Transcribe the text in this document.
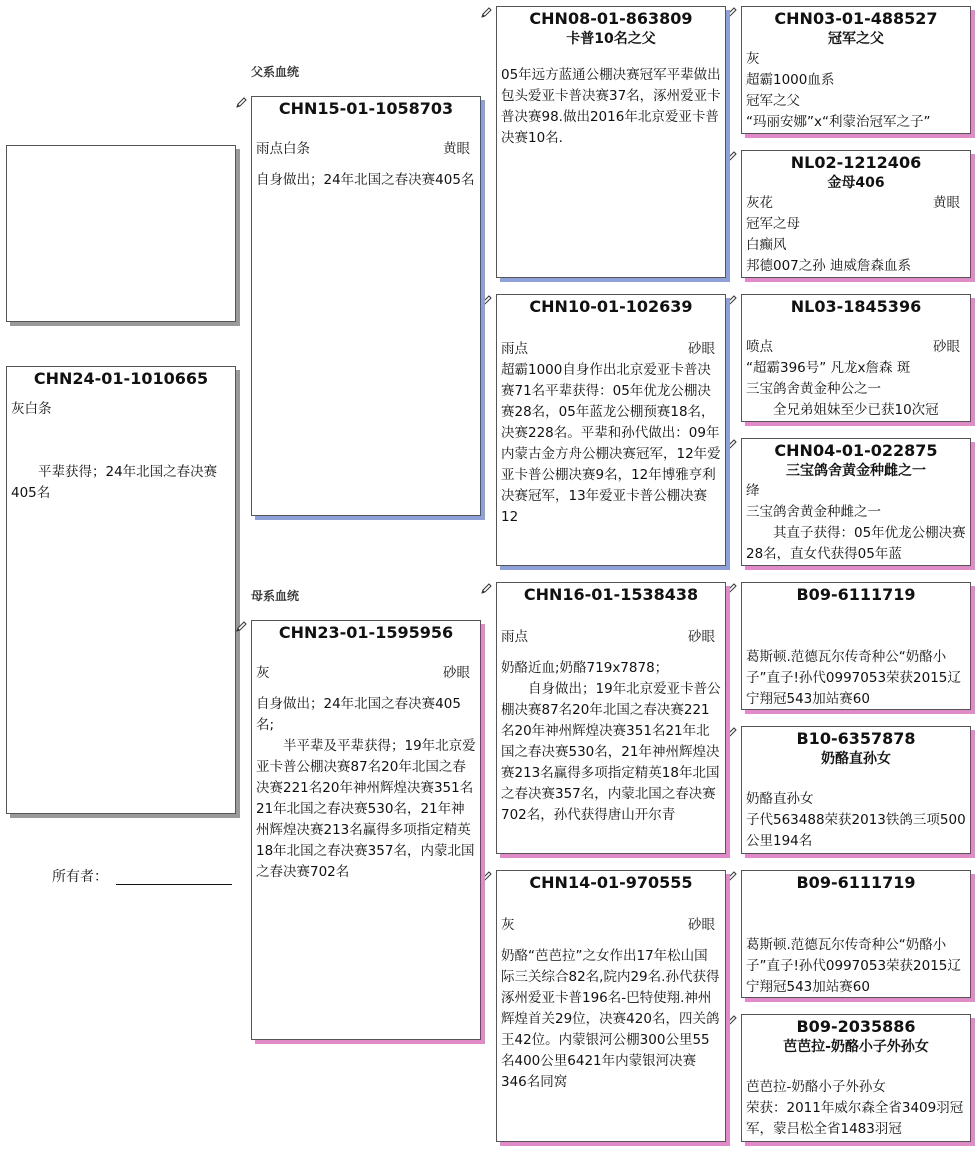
CHN24-01-1010665
灰白条
平辈获得；24年北国之春决赛405名
所有者：
父系血统
母系血统
CHN15-01-1058703
雨点白条	黄眼
自身做出；24年北国之春决赛405名
CHN23-01-1595956
灰	砂眼
自身做出；24年北国之春决赛405名;
半平辈及平辈获得；19年北京爱亚卡普公棚决赛87名20年北国之春决赛221名20年神州辉煌决赛351名21年北国之春决赛530名，21年神州辉煌决赛213名赢得多项指定精英18年北国之春决赛357名，内蒙北国之春决赛702名
CHN08-01-863809
卡普10名之父
05年远方蓝通公棚决赛冠军平辈做出包头爱亚卡普决赛37名，涿州爱亚卡普决赛98.做出2016年北京爱亚卡普决赛10名.
CHN10-01-102639
雨点	砂眼
超霸1000自身作出北京爱亚卡普决赛71名平辈获得：05年优龙公棚决赛28名，05年蓝龙公棚预赛18名，决赛228名。平辈和孙代做出：09年内蒙古金方舟公棚决赛冠军，12年爱亚卡普公棚决赛9名，12年博雅亨利决赛冠军，13年爱亚卡普公棚决赛12
CHN16-01-1538438
雨点	砂眼
奶酪近血;奶酪719x7878；
自身做出；19年北京爱亚卡普公棚决赛87名20年北国之春决赛221名20年神州辉煌决赛351名21年北国之春决赛530名，21年神州辉煌决赛213名赢得多项指定精英18年北国之春决赛357名，内蒙北国之春决赛702名，孙代获得唐山开尔青
CHN14-01-970555
灰	砂眼
奶酪“芭芭拉”之女作出17年松山国际三关综合82名,院内29名.孙代获得涿州爱亚卡普196名-巴特使翔.神州辉煌首关29位，决赛420名，四关鸽王42位。内蒙银河公棚300公里55名400公里6421年内蒙银河决赛346名同窝
CHN03-01-488527
冠军之父
灰
超霸1000血系
冠军之父
“玛丽安娜”x“利蒙治冠军之子”
NL02-1212406
金母406
灰花	黄眼
冠军之母
白癫风
邦德007之孙 迪威詹森血系
NL03-1845396
喷点	砂眼
“超霸396号” 凡龙x詹森 斑
三宝鸽舍黄金种公之一
全兄弟姐妹至少已获10次冠
CHN04-01-022875
三宝鸽舍黄金种雌之一
绛
三宝鸽舍黄金种雌之一
其直子获得：05年优龙公棚决赛28名，直女代获得05年蓝
B09-6111719
葛斯顿.范德瓦尔传奇种公“奶酪小子”直子!孙代0997053荣获2015辽宁翔冠543加站赛60
B10-6357878
奶酪直孙女
奶酪直孙女
子代563488荣获2013铁鸽三项500公里194名
B09-6111719
葛斯顿.范德瓦尔传奇种公“奶酪小子”直子!孙代0997053荣获2015辽宁翔冠543加站赛60
B09-2035886
芭芭拉-奶酪小子外孙女
芭芭拉-奶酪小子外孙女
荣获：2011年威尔森全省3409羽冠军，蒙吕松全省1483羽冠
